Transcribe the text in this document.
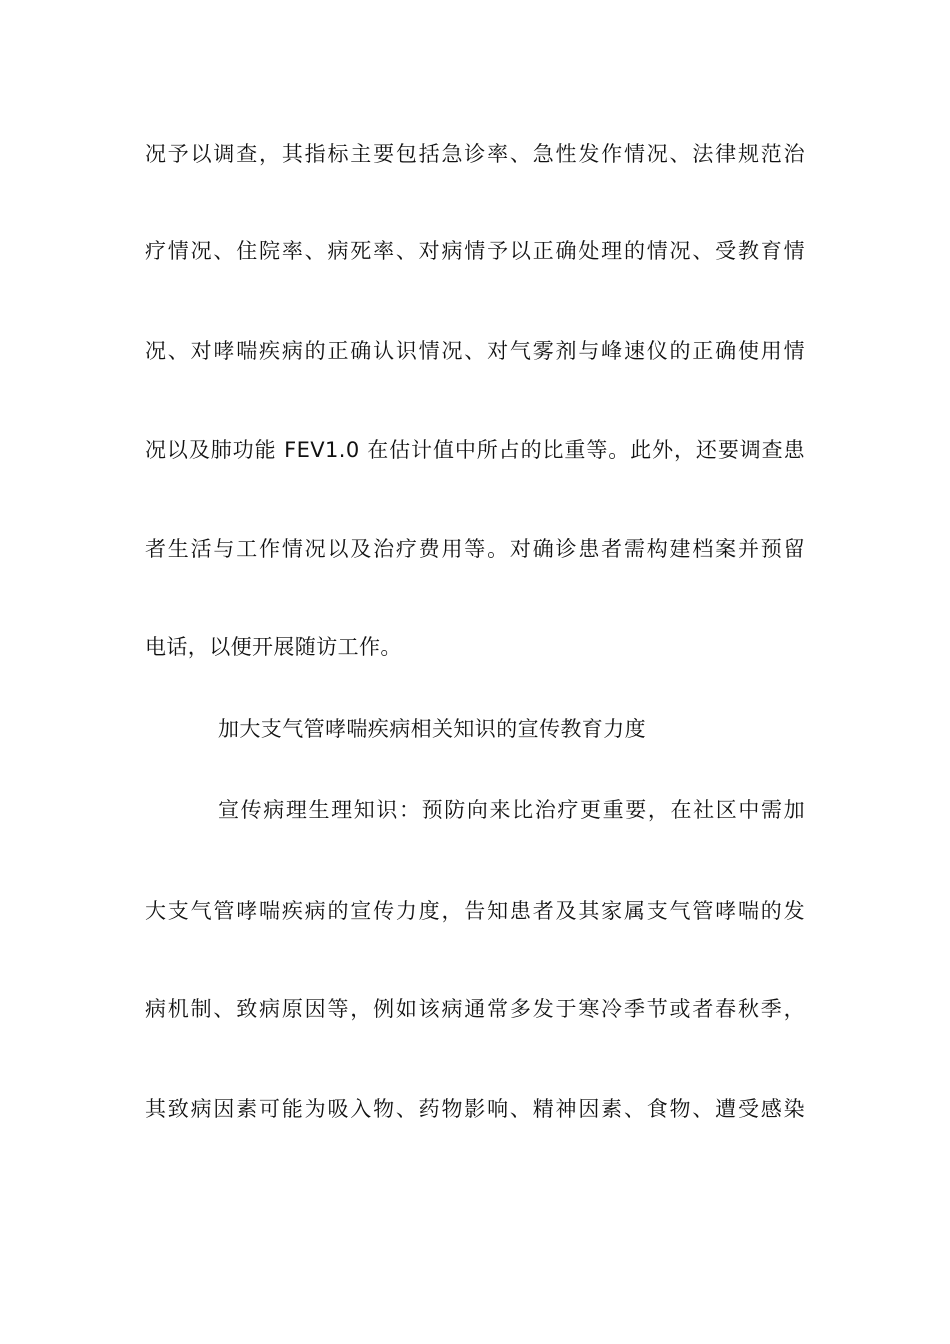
况予以调查，其指标主要包括急诊率、急性发作情况、法律规范治
疗情况、住院率、病死率、对病情予以正确处理的情况、受教育情
况、对哮喘疾病的正确认识情况、对气雾剂与峰速仪的正确使用情
况以及肺功能 FEV1.0 在估计值中所占的比重等。此外，还要调查患
者生活与工作情况以及治疗费用等。对确诊患者需构建档案并预留
电话，以便开展随访工作。
加大支气管哮喘疾病相关知识的宣传教育力度
宣传病理生理知识：预防向来比治疗更重要，在社区中需加
大支气管哮喘疾病的宣传力度，告知患者及其家属支气管哮喘的发
病机制、致病原因等，例如该病通常多发于寒冷季节或者春秋季，
其致病因素可能为吸入物、药物影响、精神因素、食物、遭受感染
